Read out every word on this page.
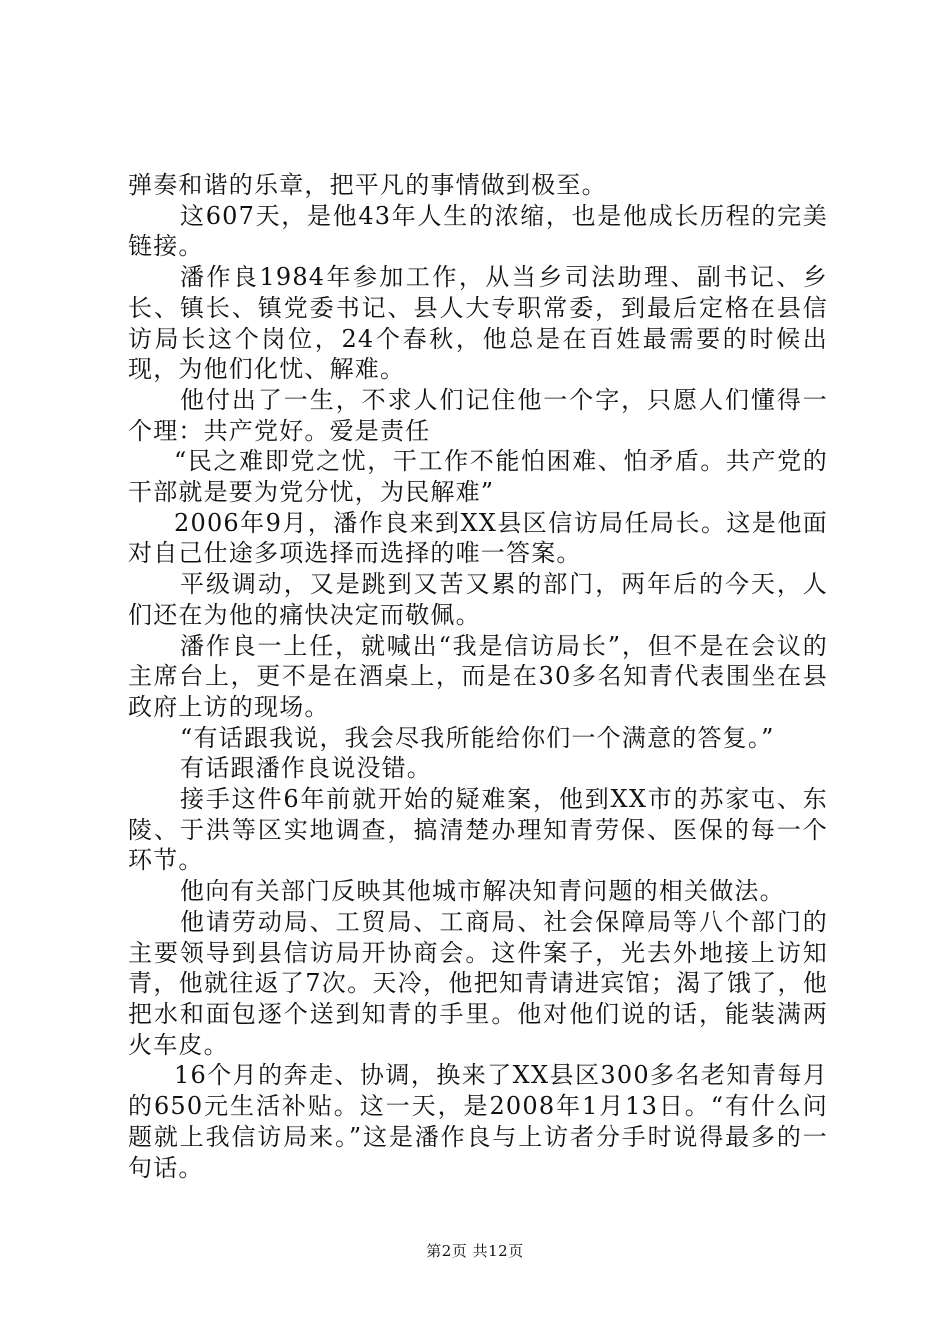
弹奏和谐的乐章，把平凡的事情做到极至。

这607天，是他43年人生的浓缩，也是他成长历程的完美链接。

潘作良1984年参加工作，从当乡司法助理、副书记、乡长、镇长、镇党委书记、县人大专职常委，到最后定格在县信访局长这个岗位，24个春秋，他总是在百姓最需要的时候出现，为他们化忧、解难。

他付出了一生，不求人们记住他一个字，只愿人们懂得一个理：共产党好。爱是责任

“民之难即党之忧，干工作不能怕困难、怕矛盾。共产党的干部就是要为党分忧，为民解难”

2006年9月，潘作良来到XX县区信访局任局长。这是他面对自己仕途多项选择而选择的唯一答案。

平级调动，又是跳到又苦又累的部门，两年后的今天，人们还在为他的痛快决定而敬佩。

潘作良一上任，就喊出“我是信访局长”，但不是在会议的主席台上，更不是在酒桌上，而是在30多名知青代表围坐在县政府上访的现场。

“有话跟我说，我会尽我所能给你们一个满意的答复。”

有话跟潘作良说没错。

接手这件6年前就开始的疑难案，他到XX市的苏家屯、东陵、于洪等区实地调查，搞清楚办理知青劳保、医保的每一个环节。

他向有关部门反映其他城市解决知青问题的相关做法。

他请劳动局、工贸局、工商局、社会保障局等八个部门的主要领导到县信访局开协商会。这件案子，光去外地接上访知青，他就往返了7次。天冷，他把知青请进宾馆；渴了饿了，他把水和面包逐个送到知青的手里。他对他们说的话，能装满两火车皮。

16个月的奔走、协调，换来了XX县区300多名老知青每月的650元生活补贴。这一天，是2008年1月13日。“有什么问题就上我信访局来。”这是潘作良与上访者分手时说得最多的一句话。

第2页 共12页
